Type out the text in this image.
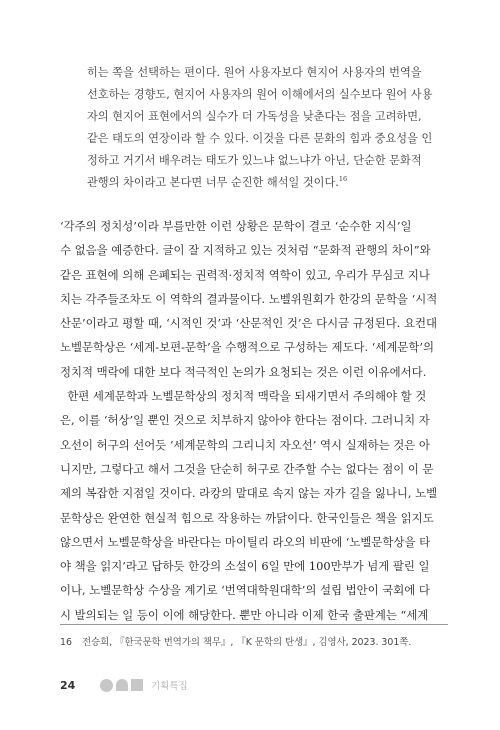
히는 쪽을 선택하는 편이다. 원어 사용자보다 현지어 사용자의 번역을
선호하는 경향도, 현지어 사용자의 원어 이해에서의 실수보다 원어 사용
자의 현지어 표현에서의 실수가 더 가독성을 낮춘다는 점을 고려하면,
같은 태도의 연장이라 할 수 있다. 이것을 다른 문화의 힘과 중요성을 인
정하고 거기서 배우려는 태도가 있느냐 없느냐가 아닌, 단순한 문화적
관행의 차이라고 본다면 너무 순진한 해석일 것이다.$^{16}$
‘각주의 정치성’이라 부를만한 이런 상황은 문학이 결코 ‘순수한 지식’일
수 없음을 예증한다. 글이 잘 지적하고 있는 것처럼 “문화적 관행의 차이”와
같은 표현에 의해 은폐되는 권력적·정치적 역학이 있고, 우리가 무심코 지나
치는 각주들조차도 이 역학의 결과물이다. 노벨위원회가 한강의 문학을 ‘시적
산문’이라고 평할 때, ‘시적인 것’과 ‘산문적인 것’은 다시금 규정된다. 요컨대
노벨문학상은 ‘세계-보편-문학’을 수행적으로 구성하는 제도다. ‘세계문학’의
정치적 맥락에 대한 보다 적극적인 논의가 요청되는 것은 이런 이유에서다.
한편 세계문학과 노벨문학상의 정치적 맥락을 되새기면서 주의해야 할 것
은, 이를 ‘허상’일 뿐인 것으로 치부하지 않아야 한다는 점이다. 그러니치 자
오선이 허구의 선어듯 ‘세계문학의 그리니치 자오선’ 역시 실재하는 것은 아
니지만, 그렇다고 해서 그것을 단순히 허구로 간주할 수는 없다는 점이 이 문
제의 복잡한 지점일 것이다. 라캉의 말대로 속지 않는 자가 길을 잃나니, 노벨
문학상은 완연한 현실적 힘으로 작용하는 까닭이다. 한국인들은 책을 읽지도
않으면서 노벨문학상을 바란다는 마이틸리 라오의 비판에 ‘노벨문학상을 타
야 책을 읽지’라고 답하듯 한강의 소설이 6일 만에 100만부가 넘게 팔린 일
이나, 노벨문학상 수상을 계기로 ‘번역대학원대학’의 설립 법안이 국회에 다
시 발의되는 일 등이 이에 해당한다. 뿐만 아니라 이제 한국 출판계는 “세계
16 전승희, 『한국문학 번역가의 책무』, 『K 문학의 탄생』, 김영사, 2023. 301쪽.
24	기획특집
